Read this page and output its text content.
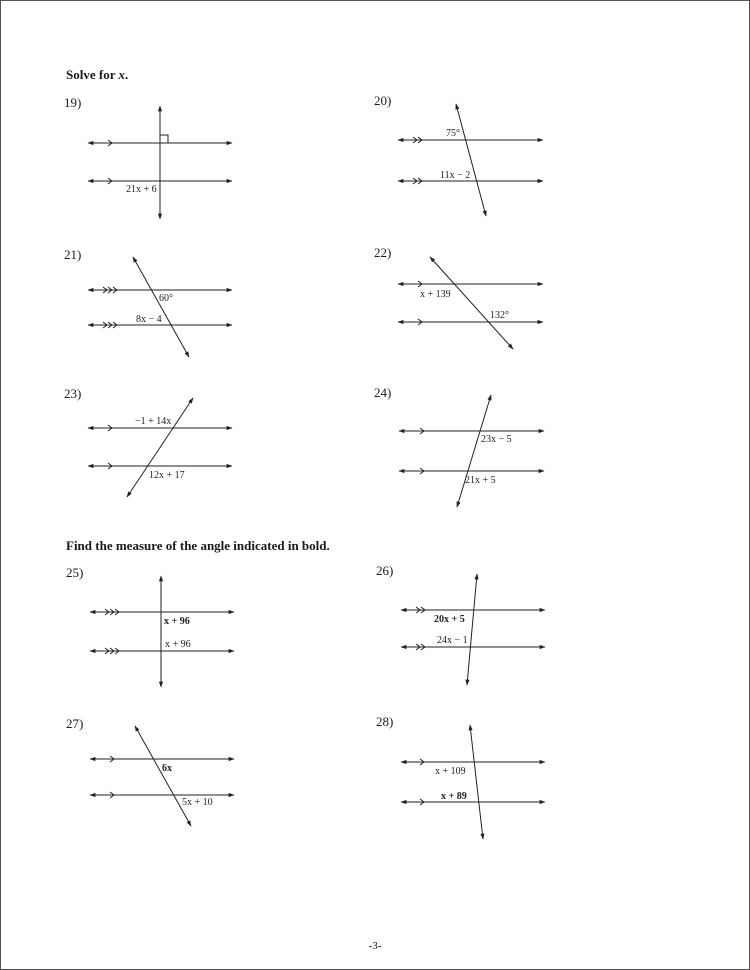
Solve for x.
Find the measure of the angle indicated in bold.
19)	20)
21)	22)
23)	24)
25)	26)
27)	28)
21x + 6
75°
11x − 2
60°
8x − 4
x + 139
132°
−1 + 14x
12x + 17
23x − 5
21x + 5
x + 96
x + 96
20x + 5
24x − 1
6x
5x + 10
x + 109
x + 89
-3-
